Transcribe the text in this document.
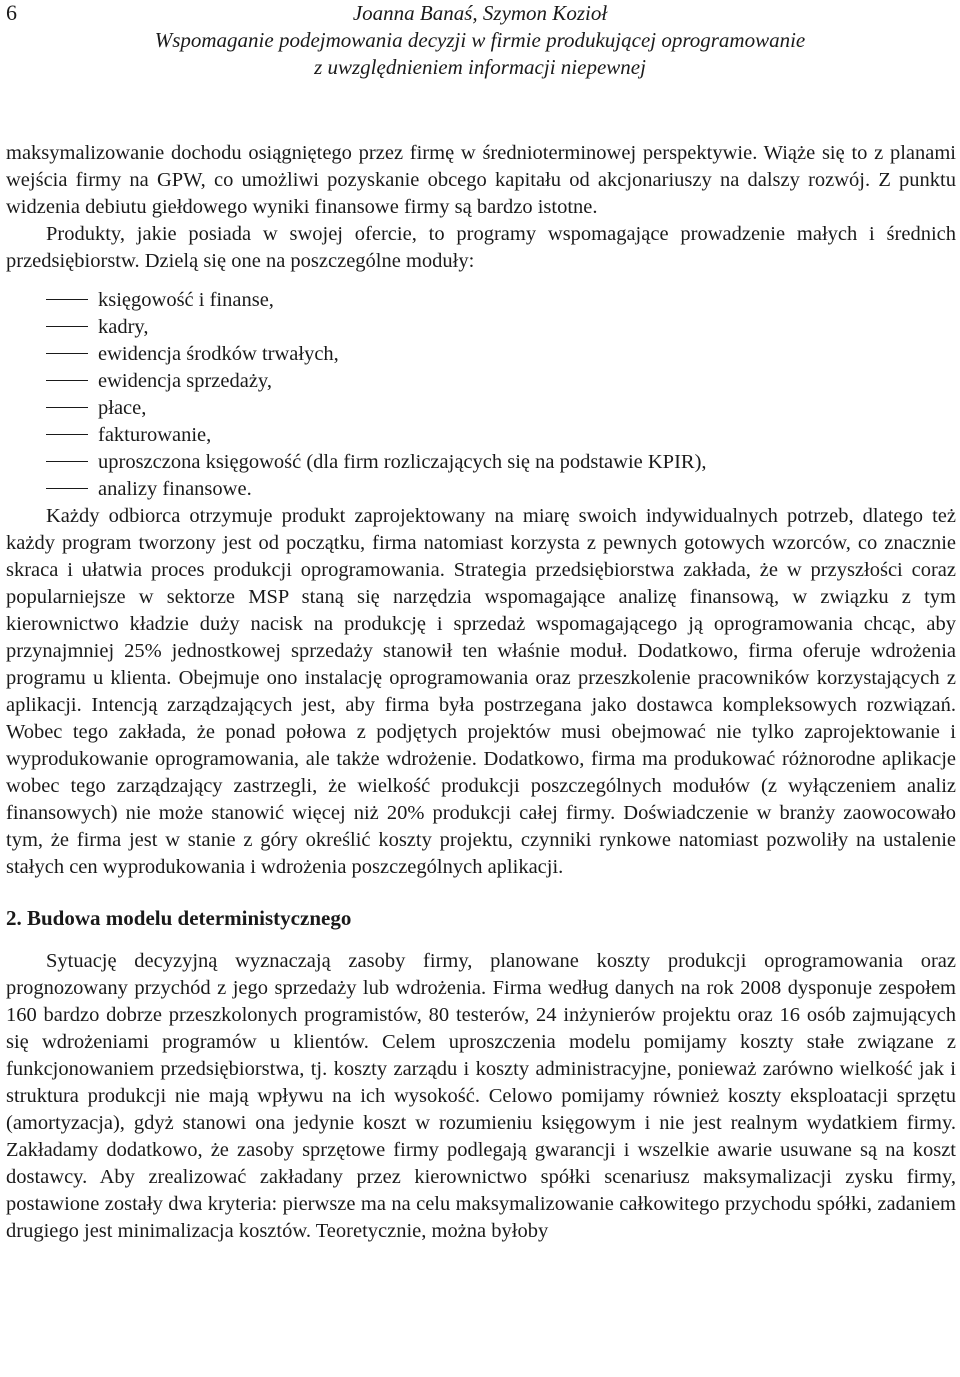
6	Joanna Banaś, Szymon Kozioł
Wspomaganie podejmowania decyzji w firmie produkującej oprogramowanie
z uwzględnieniem informacji niepewnej

maksymalizowanie dochodu osiągniętego przez firmę w średnioterminowej perspektywie. Wiąże się to z planami wejścia firmy na GPW, co umożliwi pozyskanie obcego kapitału od akcjonariuszy na dalszy rozwój. Z punktu widzenia debiutu giełdowego wyniki finansowe firmy są bardzo istotne.

Produkty, jakie posiada w swojej ofercie, to programy wspomagające prowadzenie małych i średnich przedsiębiorstw. Dzielą się one na poszczególne moduły:

księgowość i finanse,
kadry,
ewidencja środków trwałych,
ewidencja sprzedaży,
płace,
fakturowanie,
uproszczona księgowość (dla firm rozliczających się na podstawie KPIR),
analizy finansowe.

Każdy odbiorca otrzymuje produkt zaprojektowany na miarę swoich indywidualnych potrzeb, dlatego też każdy program tworzony jest od początku, firma natomiast korzysta z pewnych gotowych wzorców, co znacznie skraca i ułatwia proces produkcji oprogramowania. Strategia przedsiębiorstwa zakłada, że w przyszłości coraz popularniejsze w sektorze MSP staną się narzędzia wspomagające analizę finansową, w związku z tym kierownictwo kładzie duży nacisk na produkcję i sprzedaż wspomagającego ją oprogramowania chcąc, aby przynajmniej 25% jednostkowej sprzedaży stanowił ten właśnie moduł. Dodatkowo, firma oferuje wdrożenia programu u klienta. Obejmuje ono instalację oprogramowania oraz przeszkolenie pracowników korzystających z aplikacji. Intencją zarządzających jest, aby firma była postrzegana jako dostawca kompleksowych rozwiązań. Wobec tego zakłada, że ponad połowa z podjętych projektów musi obejmować nie tylko zaprojektowanie i wyprodukowanie oprogramowania, ale także wdrożenie. Dodatkowo, firma ma produkować różnorodne aplikacje wobec tego zarządzający zastrzegli, że wielkość produkcji poszczególnych modułów (z wyłączeniem analiz finansowych) nie może stanowić więcej niż 20% produkcji całej firmy. Doświadczenie w branży zaowocowało tym, że firma jest w stanie z góry określić koszty projektu, czynniki rynkowe natomiast pozwoliły na ustalenie stałych cen wyprodukowania i wdrożenia poszczególnych aplikacji.

2. Budowa modelu deterministycznego

Sytuację decyzyjną wyznaczają zasoby firmy, planowane koszty produkcji oprogramowania oraz prognozowany przychód z jego sprzedaży lub wdrożenia. Firma według danych na rok 2008 dysponuje zespołem 160 bardzo dobrze przeszkolonych programistów, 80 testerów, 24 inżynierów projektu oraz 16 osób zajmujących się wdrożeniami programów u klientów. Celem uproszczenia modelu pomijamy koszty stałe związane z funkcjonowaniem przedsiębiorstwa, tj. koszty zarządu i koszty administracyjne, ponieważ zarówno wielkość jak i struktura produkcji nie mają wpływu na ich wysokość. Celowo pomijamy również koszty eksploatacji sprzętu (amortyzacja), gdyż stanowi ona jedynie koszt w rozumieniu księgowym i nie jest realnym wydatkiem firmy. Zakładamy dodatkowo, że zasoby sprzętowe firmy podlegają gwarancji i wszelkie awarie usuwane są na koszt dostawcy. Aby zrealizować zakładany przez kierownictwo spółki scenariusz maksymalizacji zysku firmy, postawione zostały dwa kryteria: pierwsze ma na celu maksymalizowanie całkowitego przychodu spółki, zadaniem drugiego jest minimalizacja kosztów. Teoretycznie, można byłoby
